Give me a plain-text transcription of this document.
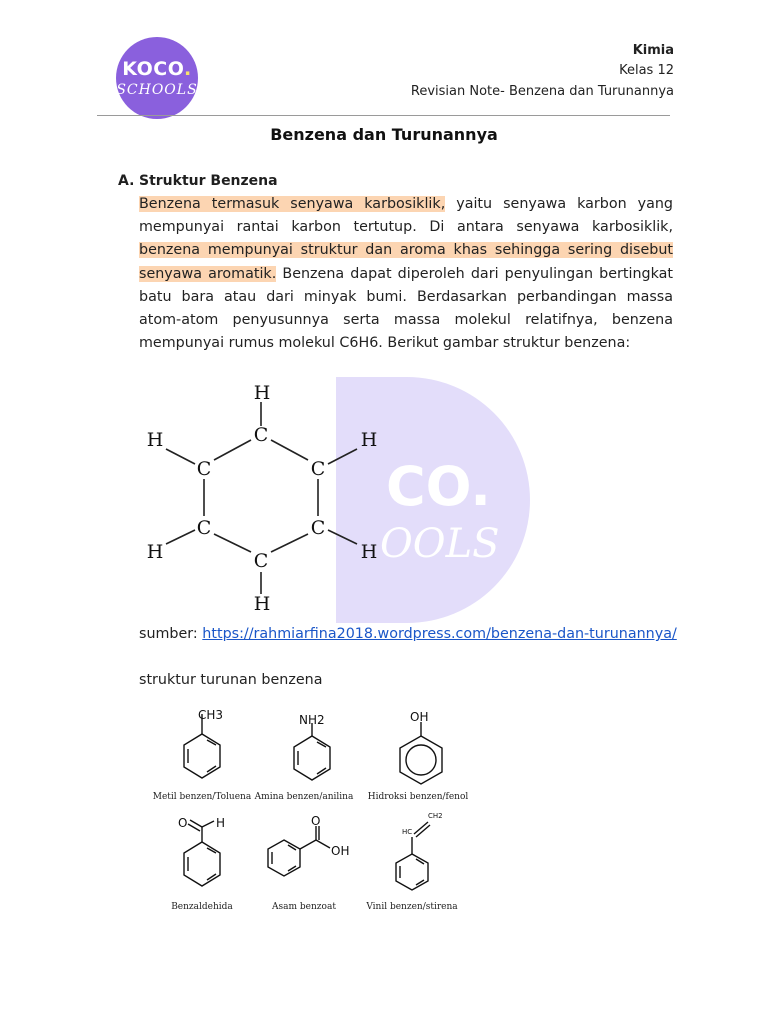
KOCO.
SCHOOLS
Kimia
Kelas 12
Revisian Note- Benzena dan Turunannya
Benzena dan Turunannya
A. Struktur Benzena
Benzena termasuk senyawa karbosiklik, yaitu senyawa karbon yang mempunyai rantai karbon tertutup. Di antara senyawa karbosiklik, benzena mempunyai struktur dan aroma khas sehingga sering disebut senyawa aromatik. Benzena dapat diperoleh dari penyulingan bertingkat batu bara atau dari minyak bumi. Berdasarkan perbandingan massa atom-atom penyusunnya serta massa molekul relatifnya, benzena mempunyai rumus molekul C6H6. Berikut gambar struktur benzena:
CO.
OOLS
H
C
H	H
C	C
C	C
H	H
C
H
sumber: https://rahmiarfina2018.wordpress.com/benzena-dan-turunannya/
struktur turunan benzena
CH3	NH2	OH
O H	O
OH
HC
CH2
Metil benzen/Toluena Amina benzen/anilina Hidroksi benzen/fenol
Benzaldehida	Asam benzoat	Vinil benzen/stirena
